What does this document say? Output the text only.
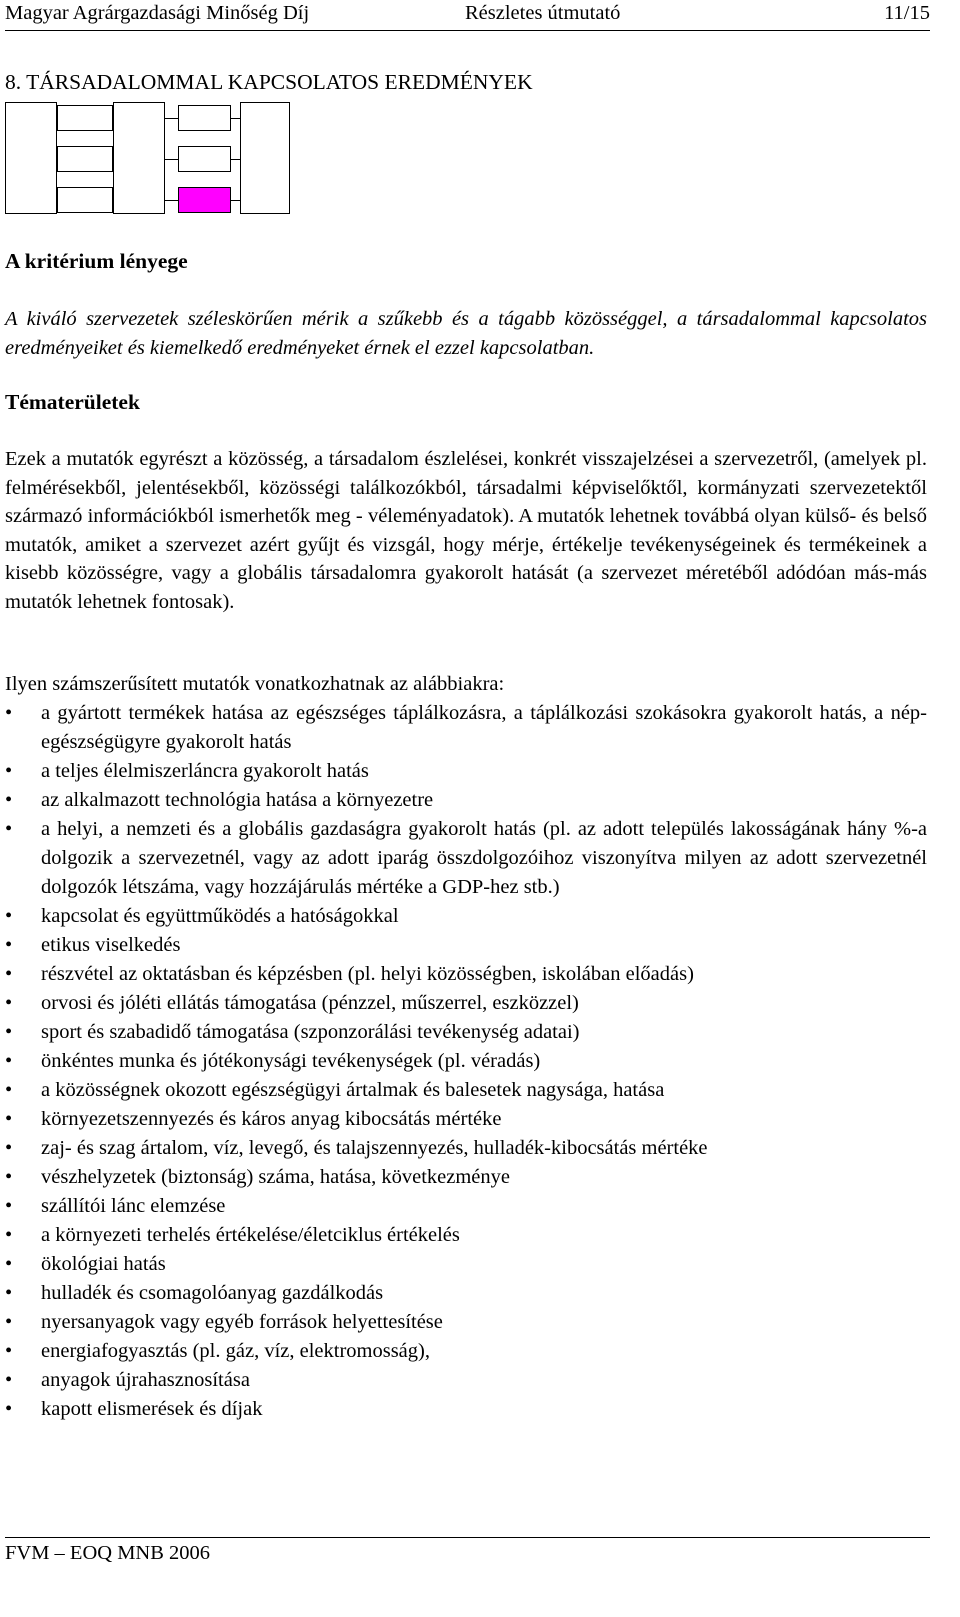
Magyar Agrárgazdasági Minőség Díj	Részletes útmutató	11/15
8. TÁRSADALOMMAL KAPCSOLATOS EREDMÉNYEK
A kritérium lényege

A kiváló szervezetek széleskörűen mérik a szűkebb és a tágabb közösséggel, a társadalommal kapcsolatos eredményeiket és kiemelkedő eredményeket érnek el ezzel kapcsolatban.

Tématerületek

Ezek a mutatók egyrészt a közösség, a társadalom észlelései, konkrét visszajelzései a szervezetről, (amelyek pl. felmérésekből, jelentésekből, közösségi találkozókból, társadalmi képviselőktől, kormányzati szervezetektől származó információkból ismerhetők meg - véleményadatok). A mutatók lehetnek továbbá olyan külső- és belső mutatók, amiket a szervezet azért gyűjt és vizsgál, hogy mérje, értékelje tevékenységeinek és termékeinek a kisebb közösségre, vagy a globális társadalomra gyakorolt hatását (a szervezet méretéből adódóan más-más mutatók lehetnek fontosak).

Ilyen számszerűsített mutatók vonatkozhatnak az alábbiakra:

•	a gyártott termékek hatása az egészséges táplálkozásra, a táplálkozási szokásokra gyakorolt hatás, a nép-egészségügyre gyakorolt hatás
•	a teljes élelmiszerláncra gyakorolt hatás
•	az alkalmazott technológia hatása a környezetre
•	a helyi, a nemzeti és a globális gazdaságra gyakorolt hatás (pl. az adott település lakosságának hány %-a dolgozik a szervezetnél, vagy az adott iparág összdolgozóihoz viszonyítva milyen az adott szervezetnél dolgozók létszáma, vagy hozzájárulás mértéke a GDP-hez stb.)
•	kapcsolat és együttműködés a hatóságokkal
•	etikus viselkedés
•	részvétel az oktatásban és képzésben (pl. helyi közösségben, iskolában előadás)
•	orvosi és jóléti ellátás támogatása (pénzzel, műszerrel, eszközzel)
•	sport és szabadidő támogatása (szponzorálási tevékenység adatai)
•	önkéntes munka és jótékonysági tevékenységek (pl. véradás)
•	a közösségnek okozott egészségügyi ártalmak és balesetek nagysága, hatása
•	környezetszennyezés és káros anyag kibocsátás mértéke
•	zaj- és szag ártalom, víz, levegő, és talajszennyezés, hulladék-kibocsátás mértéke
•	vészhelyzetek (biztonság) száma, hatása, következménye
•	szállítói lánc elemzése
•	a környezeti terhelés értékelése/életciklus értékelés
•	ökológiai hatás
•	hulladék és csomagolóanyag gazdálkodás
•	nyersanyagok vagy egyéb források helyettesítése
•	energiafogyasztás (pl. gáz, víz, elektromosság),
•	anyagok újrahasznosítása
•	kapott elismerések és díjak
FVM – EOQ MNB 2006
